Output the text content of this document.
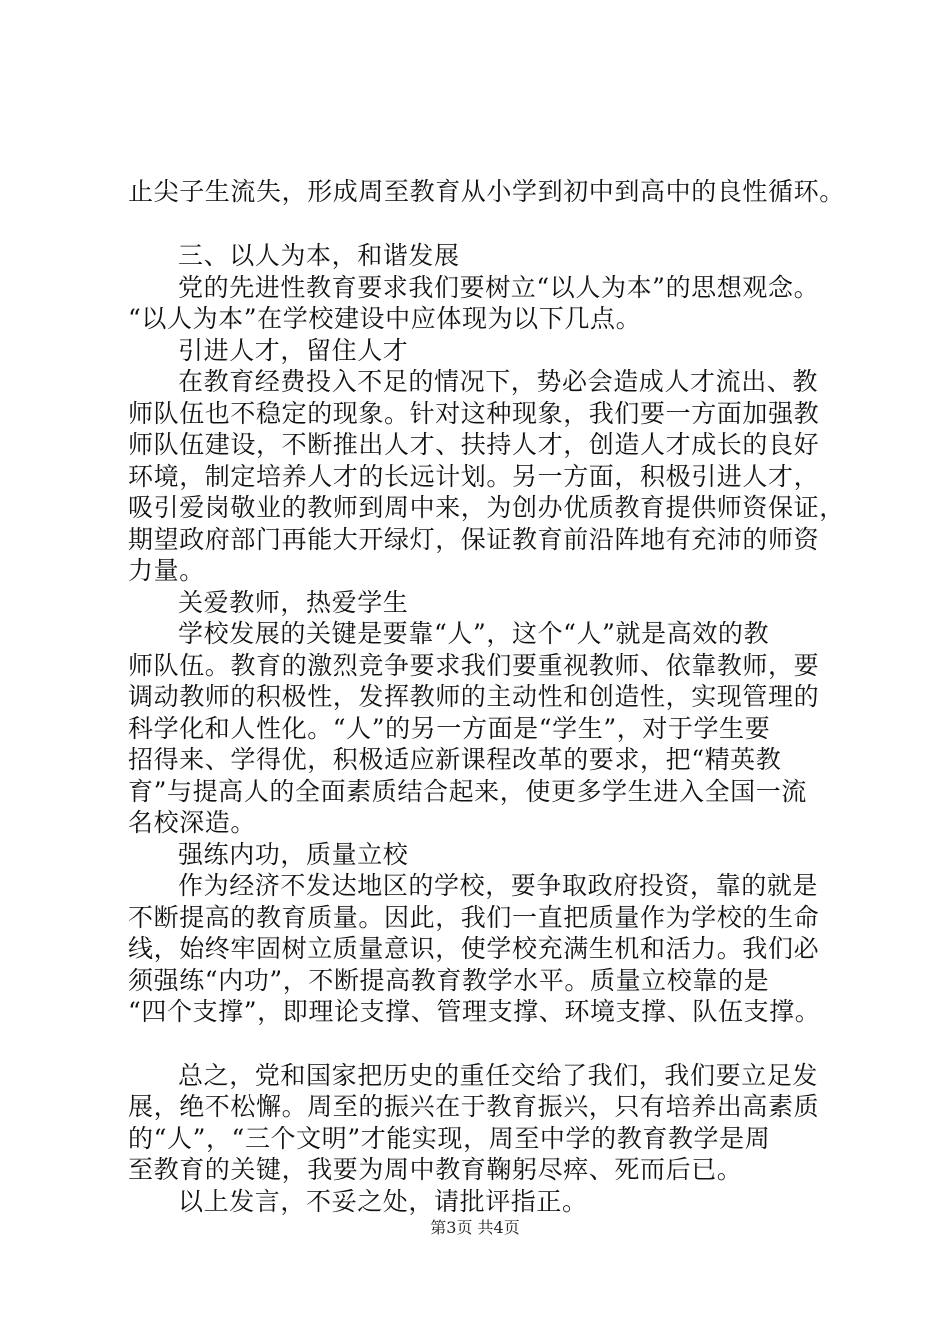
止尖子生流失，形成周至教育从小学到初中到高中的良性循环。
三、以人为本，和谐发展
党的先进性教育要求我们要树立“以人为本”的思想观念。
“以人为本”在学校建设中应体现为以下几点。
引进人才，留住人才
在教育经费投入不足的情况下，势必会造成人才流出、教
师队伍也不稳定的现象。针对这种现象，我们要一方面加强教
师队伍建设，不断推出人才、扶持人才，创造人才成长的良好
环境，制定培养人才的长远计划。另一方面，积极引进人才，
吸引爱岗敬业的教师到周中来，为创办优质教育提供师资保证，
期望政府部门再能大开绿灯，保证教育前沿阵地有充沛的师资
力量。
关爱教师，热爱学生
学校发展的关键是要靠“人”，这个“人”就是高效的教
师队伍。教育的激烈竞争要求我们要重视教师、依靠教师，要
调动教师的积极性，发挥教师的主动性和创造性，实现管理的
科学化和人性化。“人”的另一方面是“学生”，对于学生要
招得来、学得优，积极适应新课程改革的要求，把“精英教
育”与提高人的全面素质结合起来，使更多学生进入全国一流
名校深造。
强练内功，质量立校
作为经济不发达地区的学校，要争取政府投资，靠的就是
不断提高的教育质量。因此，我们一直把质量作为学校的生命
线，始终牢固树立质量意识，使学校充满生机和活力。我们必
须强练“内功”，不断提高教育教学水平。质量立校靠的是
“四个支撑”，即理论支撑、管理支撑、环境支撑、队伍支撑。
总之，党和国家把历史的重任交给了我们，我们要立足发
展，绝不松懈。周至的振兴在于教育振兴，只有培养出高素质
的“人”，“三个文明”才能实现，周至中学的教育教学是周
至教育的关键，我要为周中教育鞠躬尽瘁、死而后已。
以上发言，不妥之处，请批评指正。
第3页 共4页
